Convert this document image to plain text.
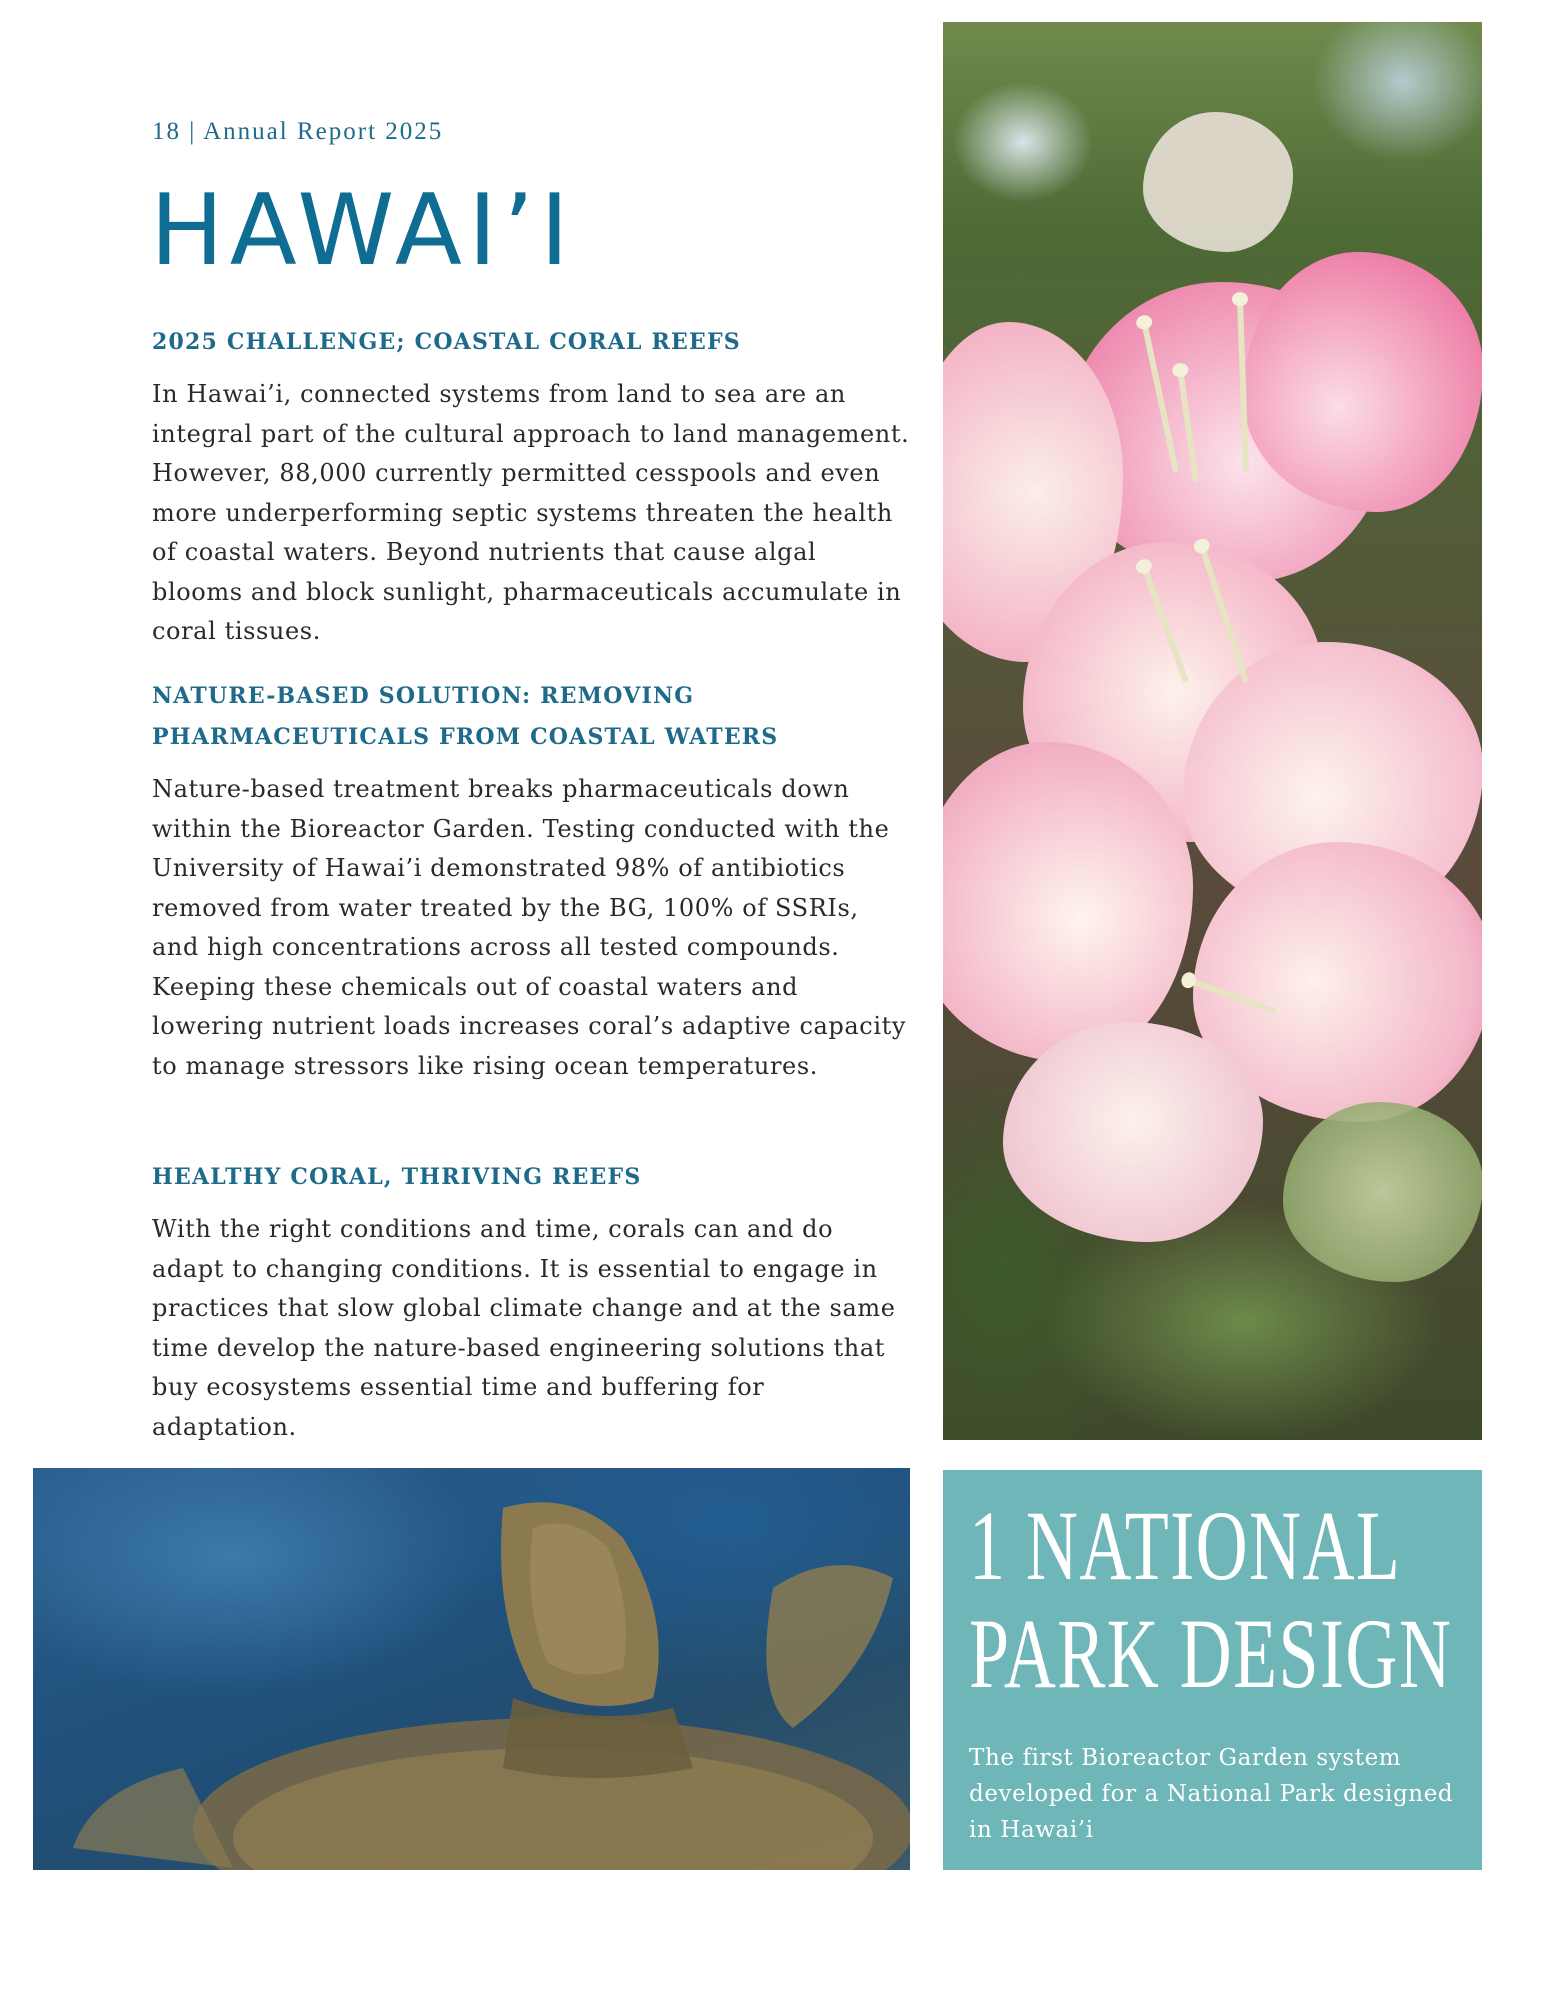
18 | Annual Report 2025
HAWAI’I
2025 CHALLENGE; COASTAL CORAL REEFS

In Hawai’i, connected systems from land to sea are an integral part of the cultural approach to land management. However, 88,000 currently permitted cesspools and even more underperforming septic systems threaten the health of coastal waters. Beyond nutrients that cause algal blooms and block sunlight, pharmaceuticals accumulate in coral tissues.

NATURE-BASED SOLUTION: REMOVING PHARMACEUTICALS FROM COASTAL WATERS

Nature-based treatment breaks pharmaceuticals down within the Bioreactor Garden. Testing conducted with the University of Hawai’i demonstrated 98% of antibiotics removed from water treated by the BG, 100% of SSRIs, and high concentrations across all tested compounds. Keeping these chemicals out of coastal waters and lowering nutrient loads increases coral’s adaptive capacity to manage stressors like rising ocean temperatures.

HEALTHY CORAL, THRIVING REEFS

With the right conditions and time, corals can and do adapt to changing conditions. It is essential to engage in practices that slow global climate change and at the same time develop the nature-based engineering solutions that buy ecosystems essential time and buffering for adaptation.

1 NATIONAL
PARK DESIGN

The first Bioreactor Garden system developed for a National Park designed in Hawai’i
